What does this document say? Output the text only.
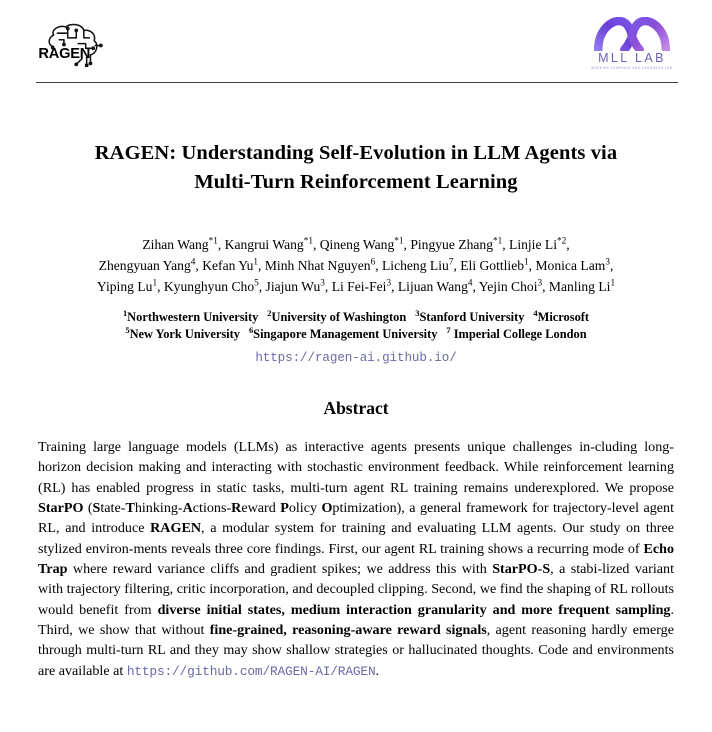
RAGEN	MLL LAB
MACHINE LEARNING AND LANGUAGE LAB
RAGEN: Understanding Self-Evolution in LLM Agents via
Multi-Turn Reinforcement Learning
Zihan Wang$^{*1}$, Kangrui Wang$^{*1}$, Qineng Wang$^{*1}$, Pingyue Zhang$^{*1}$, Linjie Li$^{*2}$,
Zhengyuan Yang$^4$, Kefan Yu$^1$, Minh Nhat Nguyen$^6$, Licheng Liu$^7$, Eli Gottlieb$^1$, Monica Lam$^3$,
Yiping Lu$^1$, Kyunghyun Cho$^5$, Jiajun Wu$^3$, Li Fei-Fei$^3$, Lijuan Wang$^4$, Yejin Choi$^3$, Manling Li$^1$
$^1$Northwestern University $^2$University of Washington $^3$Stanford University $^4$Microsoft
$^5$New York University $^6$Singapore Management University $^7$ Imperial College London
https://ragen-ai.github.io/
Abstract
Training large language models (LLMs) as interactive agents presents unique challenges in-cluding long-horizon decision making and interacting with stochastic environment feedback. While reinforcement learning (RL) has enabled progress in static tasks, multi-turn agent RL training remains underexplored. We propose StarPO (State-Thinking-Actions-Reward Policy Optimization), a general framework for trajectory-level agent RL, and introduce RAGEN, a modular system for training and evaluating LLM agents. Our study on three stylized environ-ments reveals three core findings. First, our agent RL training shows a recurring mode of Echo Trap where reward variance cliffs and gradient spikes; we address this with StarPO-S, a stabi-lized variant with trajectory filtering, critic incorporation, and decoupled clipping. Second, we find the shaping of RL rollouts would benefit from diverse initial states, medium interaction granularity and more frequent sampling. Third, we show that without fine-grained, reasoning-aware reward signals, agent reasoning hardly emerge through multi-turn RL and they may show shallow strategies or hallucinated thoughts. Code and environments are available at https://github.com/RAGEN-AI/RAGEN.
